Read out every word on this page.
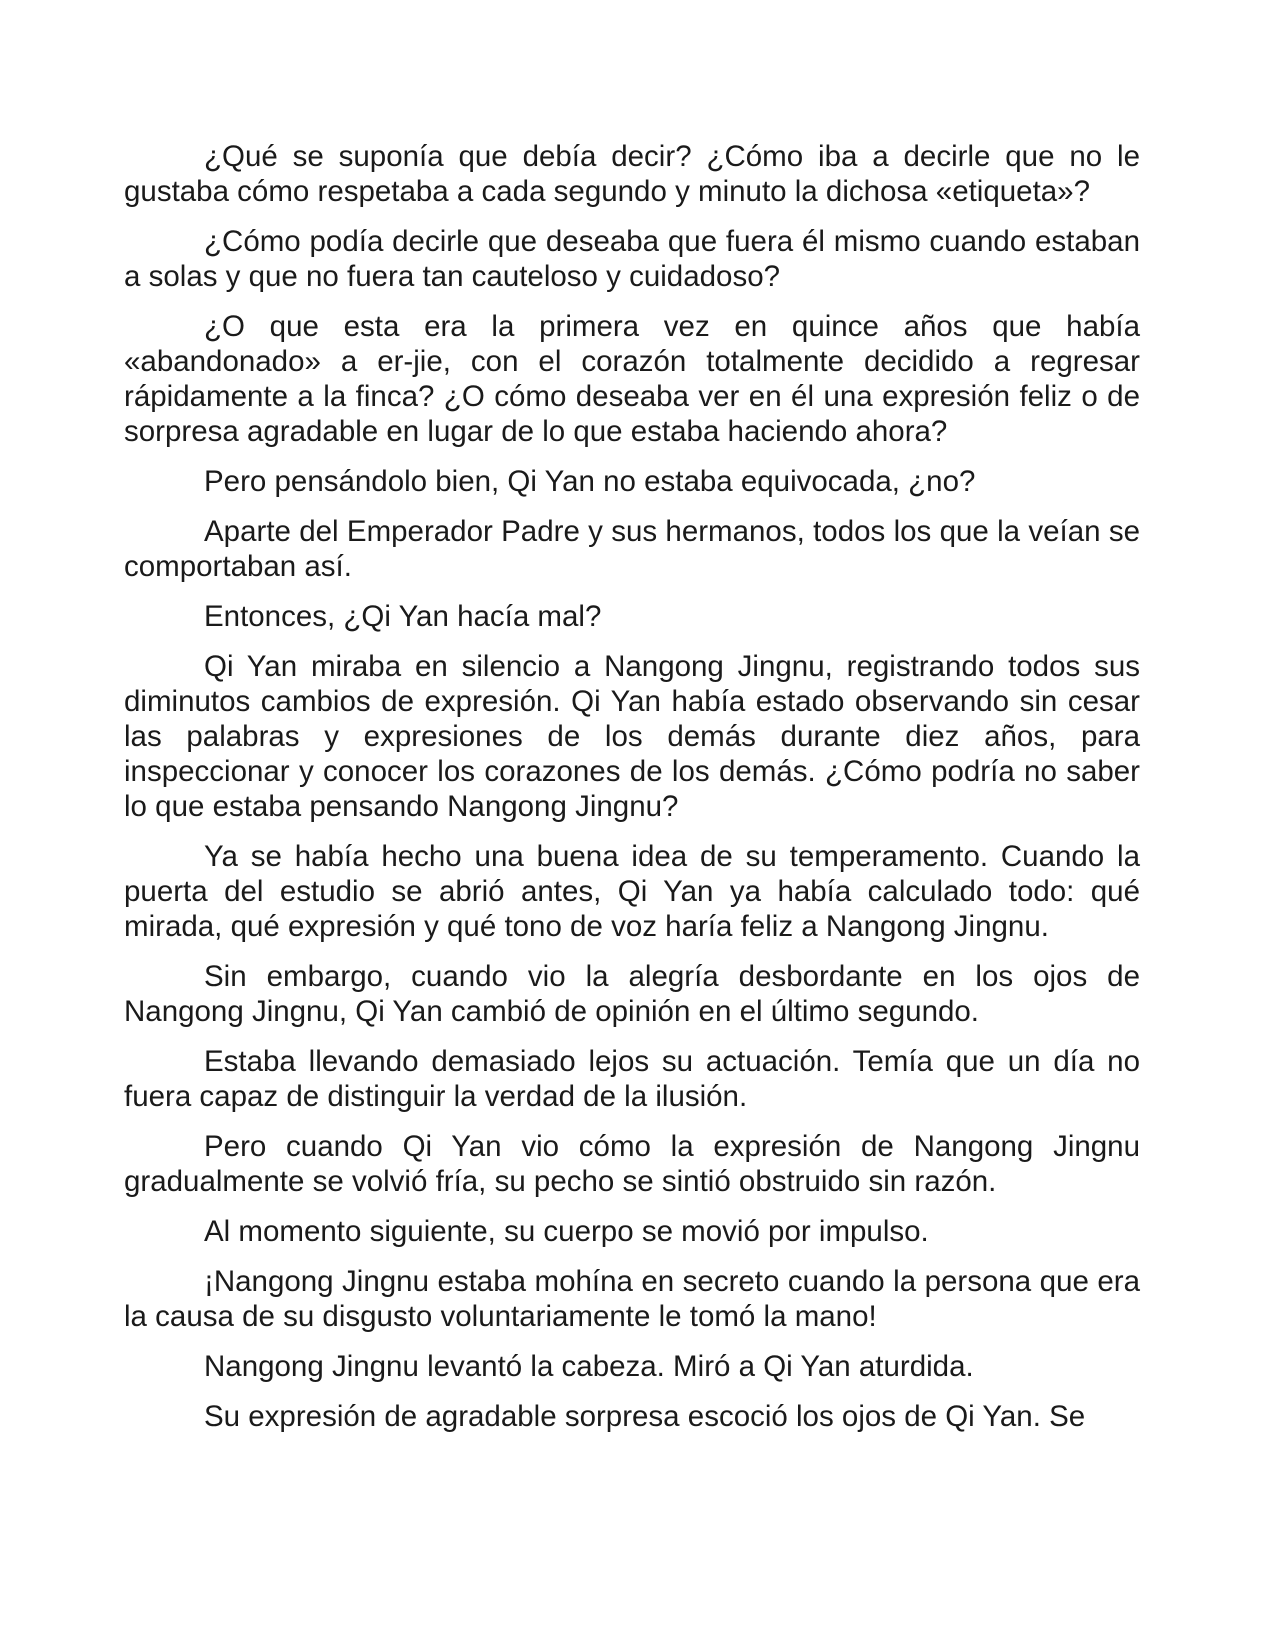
¿Qué se suponía que debía decir? ¿Cómo iba a decirle que no le gustaba cómo respetaba a cada segundo y minuto la dichosa «etiqueta»?

¿Cómo podía decirle que deseaba que fuera él mismo cuando estaban a solas y que no fuera tan cauteloso y cuidadoso?

¿O que esta era la primera vez en quince años que había «abandonado» a er-jie, con el corazón totalmente decidido a regresar rápidamente a la finca? ¿O cómo deseaba ver en él una expresión feliz o de sorpresa agradable en lugar de lo que estaba haciendo ahora?

Pero pensándolo bien, Qi Yan no estaba equivocada, ¿no?

Aparte del Emperador Padre y sus hermanos, todos los que la veían se comportaban así.

Entonces, ¿Qi Yan hacía mal?

Qi Yan miraba en silencio a Nangong Jingnu, registrando todos sus diminutos cambios de expresión. Qi Yan había estado observando sin cesar las palabras y expresiones de los demás durante diez años, para inspeccionar y conocer los corazones de los demás. ¿Cómo podría no saber lo que estaba pensando Nangong Jingnu?

Ya se había hecho una buena idea de su temperamento. Cuando la puerta del estudio se abrió antes, Qi Yan ya había calculado todo: qué mirada, qué expresión y qué tono de voz haría feliz a Nangong Jingnu.

Sin embargo, cuando vio la alegría desbordante en los ojos de Nangong Jingnu, Qi Yan cambió de opinión en el último segundo.

Estaba llevando demasiado lejos su actuación. Temía que un día no fuera capaz de distinguir la verdad de la ilusión.

Pero cuando Qi Yan vio cómo la expresión de Nangong Jingnu gradualmente se volvió fría, su pecho se sintió obstruido sin razón.

Al momento siguiente, su cuerpo se movió por impulso.

¡Nangong Jingnu estaba mohína en secreto cuando la persona que era la causa de su disgusto voluntariamente le tomó la mano!

Nangong Jingnu levantó la cabeza. Miró a Qi Yan aturdida.

Su expresión de agradable sorpresa escoció los ojos de Qi Yan. Se
